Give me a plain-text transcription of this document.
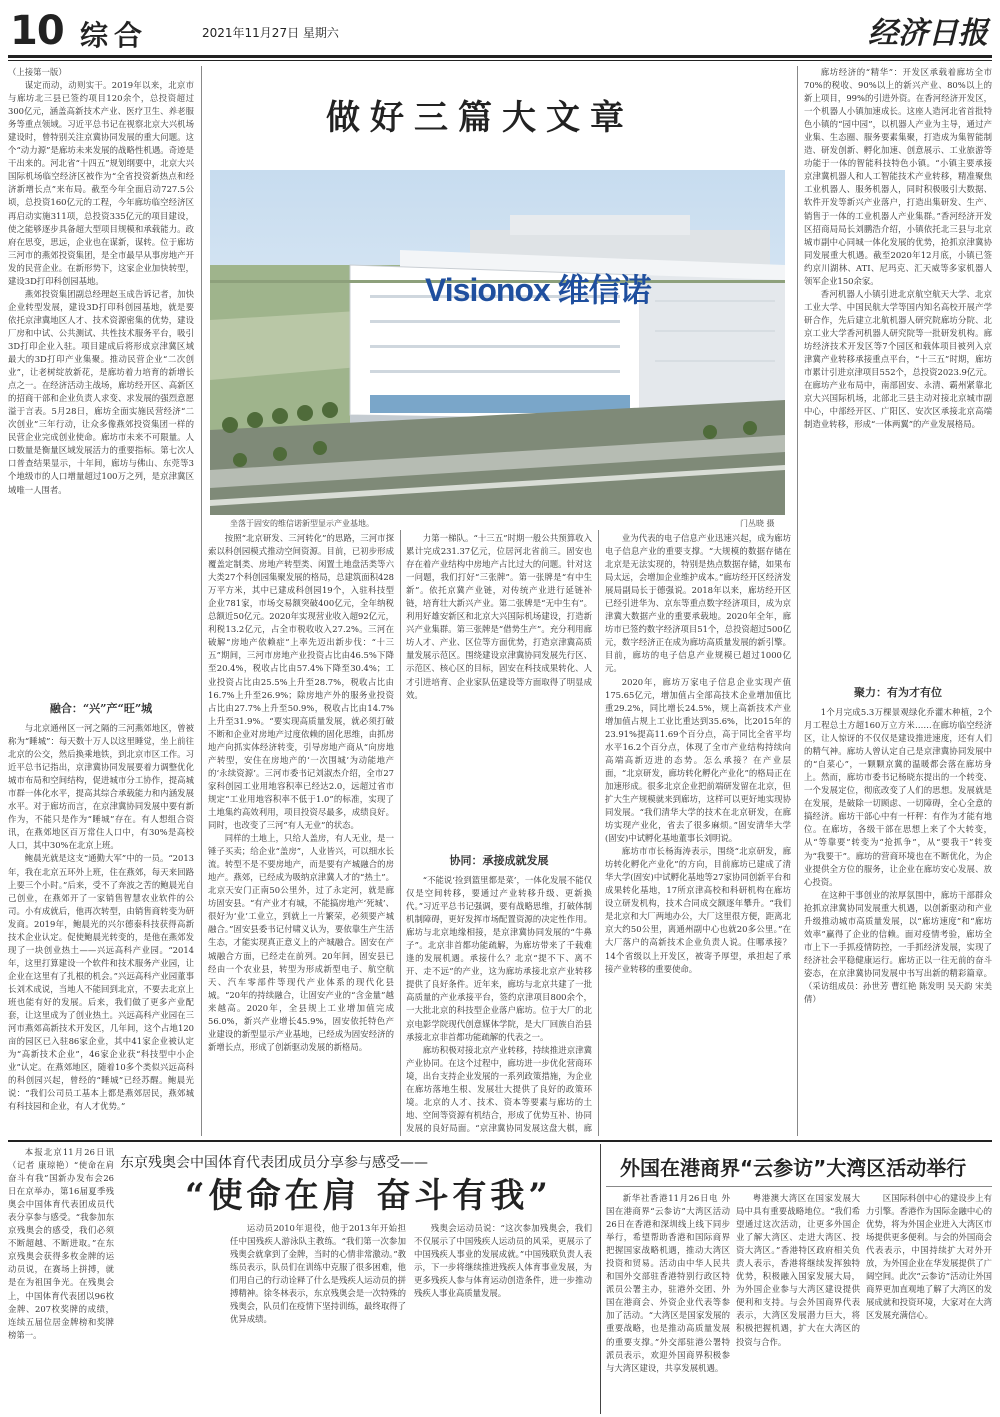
10 综合	2021年11月27日 星期六	经济日报
做好三篇大文章

（上接第一版）

谋定而动，动则实干。2019年以来，北京市与廊坊北三县已签约项目120余个，总投资超过300亿元，涵盖高新技术产业、医疗卫生、养老服务等重点领域。习近平总书记在视察北京大兴机场建设时，曾特别关注京冀协同发展的重大问题。这个“动力源”是廊坊未来发展的战略性机遇。奇迹是干出来的。河北省“十四五”规划纲要中，北京大兴国际机场临空经济区被作为“全省投资新热点和经济新增长点”来布局。截至今年全面启动727.5公顷，总投资160亿元的工程，今年廊坊临空经济区再启动实施311项，总投资335亿元的项目建设，使之能够逐步具备超大型项目规模和承载能力。政府在思变，思远，企业也在谋新，谋转。位于廊坊三河市的燕郊投资集团，是全市最早从事房地产开发的民营企业。在新形势下，这家企业加快转型，建设3D打印科创园基地。

燕郊投资集团副总经理赵玉成告诉记者，加快企业转型发展，建设3D打印科创园基地，就是要依托京津冀地区人才、技术资源密集的优势，建设厂房和中试、公共测试、共性技术服务平台，吸引3D打印企业入驻。项目建成后将形成京津冀区域最大的3D打印产业集聚。推动民营企业“二次创业”，让老树绽放新花，是廊坊着力培育的新增长点之一。在经济活动主战场，廊坊经开区、高新区的招商干部和企业负责人求变、求发展的强烈意愿溢于言表。5月28日，廊坊全面实施民营经济“二次创业”三年行动，让众多像燕郊投资集团一样的民营企业完成创业使命。廊坊市未来不可限量。人口数量是衡量区域发展活力的重要指标。第七次人口普查结果显示，十年间，廊坊与佛山、东莞等3个地级市的人口增量超过100万之列，是京津冀区域唯一人围者。

融合：“兴”产“旺”城

与北京通州区一河之隔的三河燕郊地区，曾被称为“睡城”：每天数十万人以这里睡觉，坐上前往北京的公交，然后换乘地铁，到北京市区工作。习近平总书记指出，京津冀协同发展要着力调整优化城市布局和空间结构，促进城市分工协作，提高城市群一体化水平，提高其综合承载能力和内涵发展水平。对于廊坊而言，在京津冀协同发展中要有新作为，不能只是作为“睡城”存在。有人想组合资讯，在燕郊地区百万常住人口中，有30%是高校人口，其中30%在北京上班。

鲍晨光就是这支“通勤大军”中的一员。“2013年，我在北京五环外上班，住在燕郊，每天来回路上要三个小时。”后来，受不了奔波之苦的鲍晨光自己创业，在燕郊开了一家销售智慧农业软件的公司。小有成就后，他再次转型，由销售商转变为研发商。2019年，鲍晨光的兴尔德泰科技获得高新技术企业认定。促使鲍晨光转变的，是他在燕郊发现了一块创业热土——兴远高科产业园。“2014年，这里打算建设一个软件和技术服务产业园，让企业在这里有了扎根的机会。”兴远高科产业园董事长刘术成说，当地人不能回到北京，不要去北京上班也能有好的发展。后来，我们做了更多产业配套，让这里成为了创业热土。兴远高科产业园在三河市燕郊高新技术开发区，几年间，这个占地120亩的园区已入驻86家企业，其中41家企业被认定为“高新技术企业”，46家企业获“科技型中小企业”认定。在燕郊地区，随着10多个类似兴远高科的科创园兴起，曾经的“睡城”已经苏醒。鲍晨光说：“我们公司员工基本上都是燕郊居民，燕郊城有科技园和企业，有人才优势。”

Visionox 维信诺
坐落于固安的维信诺新型显示产业基地。	门丛晓 摄

按照“北京研发、三河转化”的思路，三河市探索以科创园模式推动空间资源。目前，已初步形成覆盖定制类、房地产转型类、闲置土地盘活类等六大类27个科创园集聚发展的格局，总建筑面积428万平方米，其中已建成科创园19个，入驻科技型企业781家，市场交易额突破400亿元，全年纳税总额近50亿元。2020年实现营业收入超92亿元，利税13.2亿元，占全市税收收入27.2%。三河在破解“房地产依赖症”上率先迈出新步伐：“十三五”期间，三河市房地产业投资占比由46.5%下降至20.4%，税收占比由57.4%下降至30.4%；工业投资占比由25.5%上升至28.7%，税收占比由16.7%上升至26.9%；除房地产外的服务业投资占比由27.7%上升至50.9%，税收占比由14.7%上升至31.9%。“要实现高质量发展，就必须打破不断和企业对房地产过度依赖的固化思维，由抓房地产向抓实体经济转变，引导房地产商从“向房地产转型，安住在房地产的‘一次围城’为动能地产的‘永续资源’。三河市委书记刘淑杰介绍，全市27家科创园工业用地容积率已经达2.0，远超过省市规定“工业用地容积率不低于1.0”的标准，实现了土地集约高效利用，项目投资尽最多，成绩良好。同时，也改变了三河“有人无业”的状态。

同样的土地上，只给人盖房，有人无业，是一锤子买卖；给企业“盖房”，人业皆兴，可以细水长流。转型不是不要房地产，而是要有产城融合的房地产。燕郊，已经成为吸纳京津冀人才的“热土”。北京天安门正南50公里外，过了永定河，就是廊坊固安县。“有产业才有城，不能搞房地产‘死城’、很好为‘业’工业立，到就上一片繁荣，必须要产城融合。”固安县委书记付啸义认为，要依靠生产生活生态，才能实现真正意义上的产城融合。固安在产城融合方面，已经走在前列。20年间，固安县已经由一个农业县，转型为形成新型电子、航空航天、汽车零部件等现代产业体系的现代化县城。“20年的持续融合，让固安产业的“含金量”越来越高。2020年，全县规上工业增加值完成56.0%，新兴产业增长45.9%，固安依托特色产业建设的新型显示产业基地，已经成为固安经济的新增长点，形成了创新驱动发展的新格局。

力第一梯队。“十三五”时期一般公共预算收入累计完成231.37亿元，位居河北省前三。固安也存在着产业结构中房地产占比过大的问题。针对这一问题，我们打好“三张牌”。第一张牌是“有中生新”。依托京冀产业链，对传统产业进行延链补链，培育壮大新兴产业。第二张牌是“无中生有”。利用好雄安新区和北京大兴国际机场建设，打造新兴产业集群。第三张牌是“借势生产”。充分利用廊坊人才、产业、区位等方面优势，打造京津冀高质量发展示范区。围绕建设京津冀协同发展先行区、示范区、核心区的目标，固安在科技成果转化、人才引进培育、企业家队伍建设等方面取得了明显成效。

协同：承接成就发展

“不能说‘捡到篮里都是菜’，一体化发展不能仅仅是空间转移，要通过产业转移升级、更新换代。”习近平总书记强调，要有战略思维，打破体制机制障碍，更好发挥市场配置资源的决定性作用。廊坊与北京地缘相接，是京津冀协同发展的“牛鼻子”。北京非首都功能疏解，为廊坊带来了千载难逢的发展机遇。承接什么？北京“提不下、离不开、走不远”的产业，这为廊坊承接北京产业转移提供了良好条件。近年来，廊坊与北京共建了一批高质量的产业承接平台，签约京津项目800余个，一大批北京的科技型企业落户廊坊。位于大厂的北京电影学院现代创意媒体学院，是大厂回族自治县承接北京非首都功能疏解的代表之一。

廊坊积极对接北京产业转移，持续推进京津冀产业协同。在这个过程中，廊坊进一步优化营商环境，出台支持企业发展的一系列政策措施，为企业在廊坊落地生根、发展壮大提供了良好的政策环境。北京的人才、技术、资本等要素与廊坊的土地、空间等资源有机结合，形成了优势互补、协同发展的良好局面。“京津冀协同发展这盘大棋，廊

业为代表的电子信息产业迅速兴起，成为廊坊电子信息产业的重要支撑。“大规模的数据存储在北京是无法实现的，特别是热点数据存储，如果布局太远，会增加企业维护成本。”廊坊经开区经济发展局副局长于德强说。2018年以来，廊坊经开区已经引进华为、京东等重点数字经济项目，成为京津冀大数据产业的重要承载地。2020年全年，廊坊市已签约数字经济项目51个，总投资超过500亿元，数字经济正在成为廊坊高质量发展的新引擎。目前，廊坊的电子信息产业规模已超过1000亿元。

2020年，廊坊万家电子信息企业实现产值175.65亿元，增加值占全部高技术企业增加值比重29.2%，同比增长24.5%，规上高新技术产业增加值占规上工业比重达到35.6%，比2015年的23.91%提高11.69个百分点，高于同比全省平均水平16.2个百分点，体现了全市产业结构持续向高端高新迈进的态势。怎么承接？在产业层面，“北京研发，廊坊转化孵化产业化”的格局正在加速形成。很多北京企业把前端研发留在北京，但扩大生产规模就来到廊坊，这样可以更好地实现协同发展。“我们清华大学的技术在北京研发，在廊坊实现产业化，省去了很多麻烦。”固安清华大学(固安)中试孵化基地董事长刘明说。

廊坊市市长杨海涛表示，围绕“北京研发，廊坊转化孵化产业化”的方向，目前廊坊已建成了清华大学(固安)中试孵化基地等27家协同创新平台和成果转化基地，17所京津高校和科研机构在廊坊设立研发机构，技术合同成交额逐年攀升。“我们是北京和大厂两地办公，大厂这里很方便，距离北京大约50公里，离通州副中心也就20多公里。”在大厂落户的高新技术企业负责人说。住哪承接？14个省级以上开发区，被寄予厚望，承担起了承接产业转移的重要使命。

廊坊经济的“精华”：开发区承载着廊坊全市70%的税收、90%以上的新兴产业、80%以上的新上项目，99%的引进外资。在香河经济开发区，一个机器人小镇加速成长。这座人造河北省首批特色小镇的“园中园”，以机器人产业为主导，通过产业集、生态圈、服务要素集聚，打造成为集智能制造、研发创新、孵化加速、创意展示、工业旅游等功能于一体的智能科技特色小镇。“小镇主要承接京津冀机器人和人工智能技术产业转移，精准聚焦工业机器人、服务机器人，同时积极吸引大数据、软件开发等新兴产业落户，打造出集研发、生产、销售于一体的工业机器人产业集群。”香河经济开发区招商局局长刘鹏浩介绍，小镇依托北三县与北京城市副中心同城一体化发展的优势，抢抓京津冀协同发展重大机遇。截至2020年12月底，小镇已签约京川湖林、ATI、尼玛克、汇天威等多家机器人领军企业150余家。

香河机器人小镇引进北京航空航天大学、北京工业大学、中国民航大学等国内知名高校开展产学研合作，先后建立北航机器人研究院廊坊分院、北京工业大学香河机器人研究院等一批研发机构。廊坊经济技术开发区等7个园区和载体项目被列入京津冀产业转移承接重点平台，“十三五”时期，廊坊市累计引进京津项目552个，总投资2023.9亿元。在廊坊产业布局中，南部固安、永清、霸州紧靠北京大兴国际机场，北部北三县主动对接北京城市副中心，中部经开区、广阳区、安次区承接北京高端制造业转移，形成“一体两翼”的产业发展格局。

聚力：有为才有位

1个月完成5.3万棵景观绿化乔灌木种植，2个月工程总土方超160万立方米……在廊坊临空经济区，让人惊讶的不仅仅是建设推进速度，还有人们的精气神。廊坊人曾认定自己是京津冀协同发展中的“自菜心”，一颗颗京冀的温暖都会落在廊坊身上。然而，廊坊市委书记杨晓东提出的一个转变、一个发展定位，彻底改变了人们的思想。发展就是在发展，是破除一切顾虑、一切障碍，全心全意的搞经济。廊坊干部心中有一杆秤：有作为才能有地位。在廊坊，各级干部在思想上来了个大转变，从“等靠要”转变为“抢抓争”，从“要我干”转变为“我要干”。廊坊的营商环境也在不断优化，为企业提供全方位的服务，让企业在廊坊安心发展、放心投资。

在这种干事创业的浓厚氛围中，廊坊干部群众抢抓京津冀协同发展重大机遇，以创新驱动和产业升级推动城市高质量发展，以“廊坊速度”和“廊坊效率”赢得了企业的信赖。面对疫情考验，廊坊全市上下一手抓疫情防控，一手抓经济发展，实现了经济社会平稳健康运行。廊坊正以一往无前的奋斗姿态，在京津冀协同发展中书写出新的精彩篇章。（采访组成员：孙世芳 曹红艳 陈发明 吴天韵 宋美倩）

本报北京11月26日讯（记者 康琼艳）“使命在肩 奋斗有我”国新办发布会26日在京举办，第16届夏季残奥会中国体育代表团成员代表分享参与感受。“我参加东京残奥会的感受，我们必须不断超越、不断进取。”在东京残奥会获得多枚金牌的运动员说，在赛场上拼搏，就是在为祖国争光。在残奥会上，中国体育代表团以96枚金牌、207枚奖牌的成绩，连续五届位居金牌榜和奖牌榜第一。

东京残奥会中国体育代表团成员分享参与感受——
“使命在肩 奋斗有我”

运动员2010年退役，他于2013年开始担任中国残疾人游泳队主教练。“我们第一次参加残奥会就拿到了金牌，当时的心情非常激动。”教练员表示，队员们在训练中克服了很多困难，他们用自己的行动诠释了什么是残疾人运动员的拼搏精神。徐冬林表示，东京残奥会是一次特殊的残奥会，队员们在疫情下坚持训练，最终取得了优异成绩。

残奥会运动员说：“这次参加残奥会，我们不仅展示了中国残疾人运动员的风采，更展示了中国残疾人事业的发展成就。”中国残联负责人表示，下一步将继续推进残疾人体育事业发展，为更多残疾人参与体育运动创造条件，进一步推动残疾人事业高质量发展。

外国在港商界“云参访”大湾区活动举行

新华社香港11月26日电 外国在港商界“云参访”大湾区活动26日在香港和深圳线上线下同步举行，希望帮助香港和国际商界把握国家战略机遇，推动大湾区投资和贸易。活动由中华人民共和国外交部驻香港特别行政区特派员公署主办，驻港外交团、外国在港商会、外资企业代表等参加了活动。“大湾区是国家发展的重要战略，也是推动高质量发展的重要支撑。”外交部驻港公署特派员表示，欢迎外国商界积极参与大湾区建设，共享发展机遇。

粤港澳大湾区在国家发展大局中具有重要战略地位。“我们希望通过这次活动，让更多外国企业了解大湾区、走进大湾区、投资大湾区。”香港特区政府相关负责人表示，香港将继续发挥独特优势，积极融入国家发展大局，为外国企业参与大湾区建设提供便利和支持。与会外国商界代表表示，大湾区发展潜力巨大，将积极把握机遇，扩大在大湾区的投资与合作。

区国际科创中心的建设步上有力引擎。香港作为国际金融中心的优势，将为外国企业进入大湾区市场提供更多便利。与会的外国商会代表表示，中国持续扩大对外开放，为外国企业在华发展提供了广阔空间。此次“云参访”活动让外国商界更加直观地了解了大湾区的发展成就和投资环境，大家对在大湾区发展充满信心。
